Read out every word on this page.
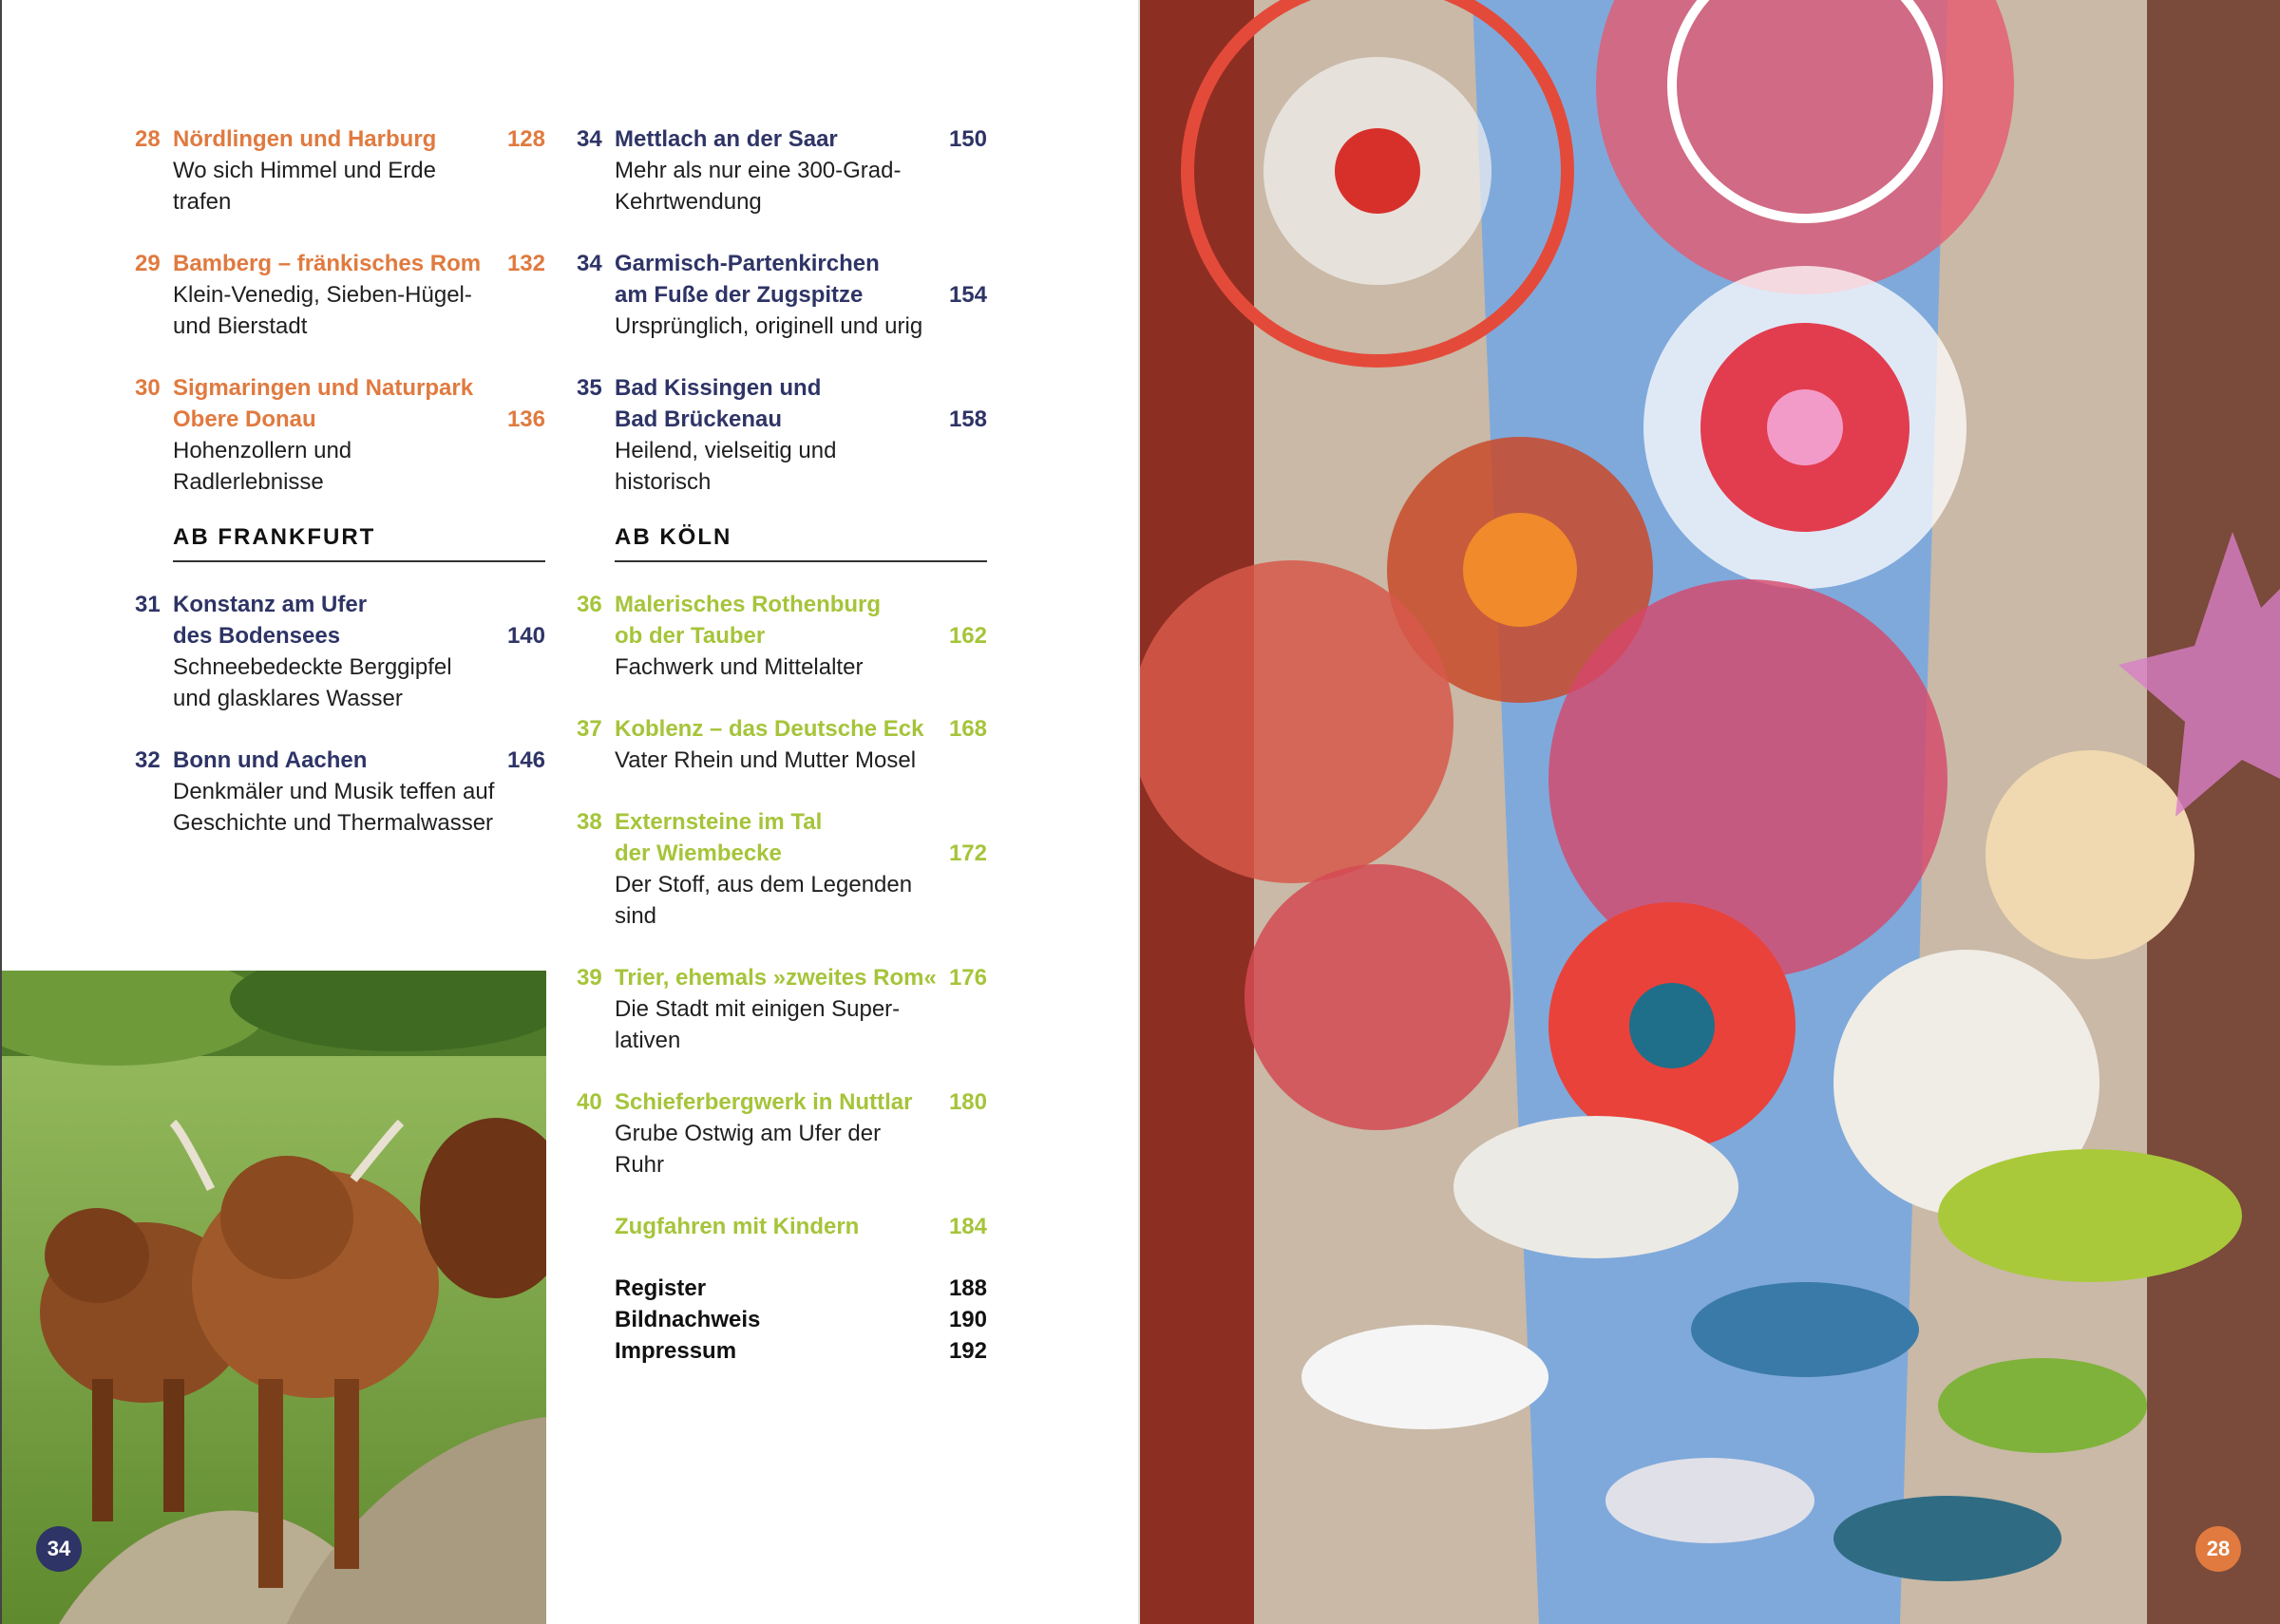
28 Nördlingen und Harburg	128
Wo sich Himmel und Erde
trafen
29 Bamberg – fränkisches Rom 132
Klein-Venedig, Sieben-Hügel-
und Bierstadt
30 Sigmaringen und Naturpark
Obere Donau	136
Hohenzollern und
Radlerlebnisse
AB FRANKFURT
31 Konstanz am Ufer
des Bodensees	140
Schneebedeckte Berggipfel
und glasklares Wasser
32 Bonn und Aachen	146
Denkmäler und Musik teffen auf
Geschichte und Thermalwasser
34 Mettlach an der Saar	150
Mehr als nur eine 300-Grad-
Kehrtwendung
34 Garmisch-Partenkirchen
am Fuße der Zugspitze	154
Ursprünglich, originell und urig
35 Bad Kissingen und
Bad Brückenau	158
Heilend, vielseitig und
historisch
AB KÖLN
36 Malerisches Rothenburg
ob der Tauber	162
Fachwerk und Mittelalter
37 Koblenz – das Deutsche Eck 168
Vater Rhein und Mutter Mosel
38 Externsteine im Tal
der Wiembecke	172
Der Stoff, aus dem Legenden
sind
39 Trier, ehemals »zweites Rom« 176
Die Stadt mit einigen Super-
lativen
40 Schieferbergwerk in Nuttlar 180
Grube Ostwig am Ufer der
Ruhr
Zugfahren mit Kindern	184
Register	188
Bildnachweis	190
Impressum	192
34	28
